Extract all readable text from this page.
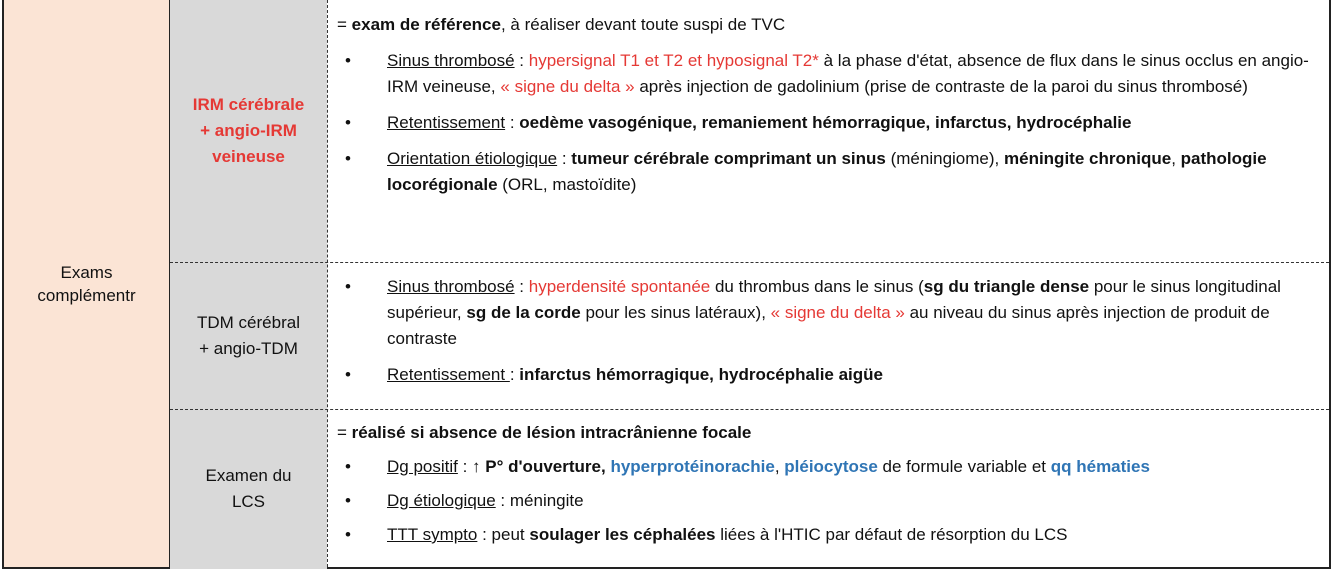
Exams
complémentr
IRM cérébrale
+ angio-IRM
veineuse
TDM cérébral
+ angio-TDM
Examen du
LCS

= exam de référence, à réaliser devant toute suspi de TVC

• Sinus thrombosé : hypersignal T1 et T2 et hyposignal T2* à la phase d'état, absence de flux dans le sinus occlus en angio-IRM veineuse, « signe du delta » après injection de gadolinium (prise de contraste de la paroi du sinus thrombosé)

• Retentissement : oedème vasogénique, remaniement hémorragique, infarctus, hydrocéphalie

• Orientation étiologique : tumeur cérébrale comprimant un sinus (méningiome), méningite chronique, pathologie locorégionale (ORL, mastoïdite)

• Sinus thrombosé : hyperdensité spontanée du thrombus dans le sinus (sg du triangle dense pour le sinus longitudinal supérieur, sg de la corde pour les sinus latéraux), « signe du delta » au niveau du sinus après injection de produit de contraste

• Retentissement : infarctus hémorragique, hydrocéphalie aigüe

= réalisé si absence de lésion intracrânienne focale

• Dg positif : ↑ P° d'ouverture, hyperprotéinorachie, pléiocytose de formule variable et qq hématies

• Dg étiologique : méningite

• TTT sympto : peut soulager les céphalées liées à l'HTIC par défaut de résorption du LCS
